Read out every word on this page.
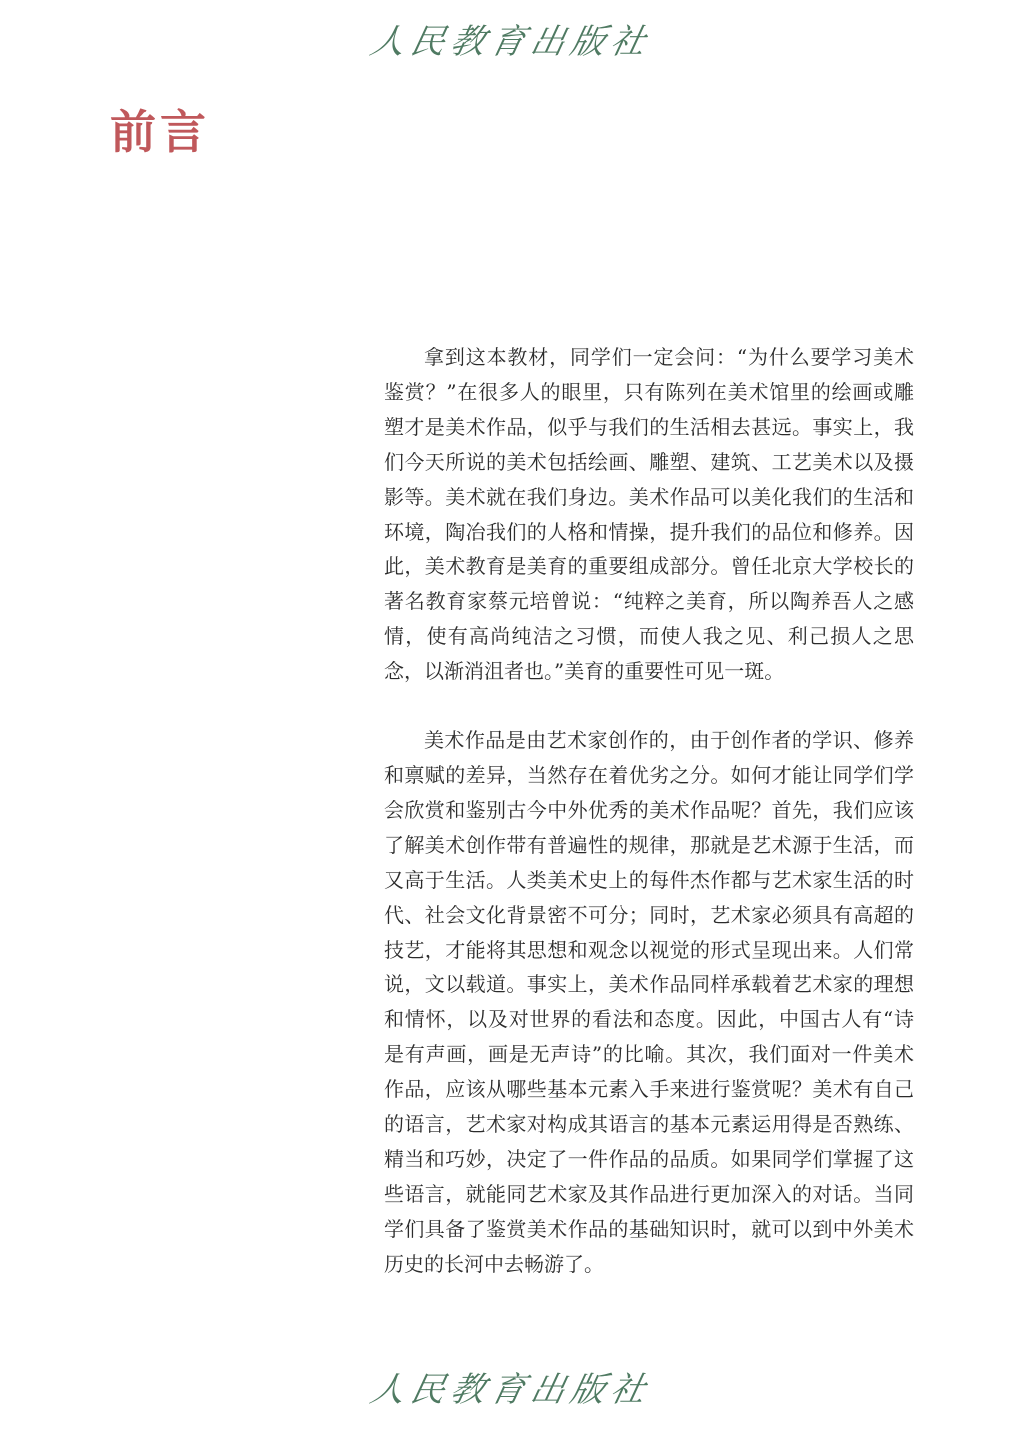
人民教育出版社
前言

拿到这本教材，同学们一定会问：“为什么要学习美术鉴赏？”在很多人的眼里，只有陈列在美术馆里的绘画或雕塑才是美术作品，似乎与我们的生活相去甚远。事实上，我们今天所说的美术包括绘画、雕塑、建筑、工艺美术以及摄影等。美术就在我们身边。美术作品可以美化我们的生活和环境，陶冶我们的人格和情操，提升我们的品位和修养。因此，美术教育是美育的重要组成部分。曾任北京大学校长的著名教育家蔡元培曾说：“纯粹之美育，所以陶养吾人之感情，使有高尚纯洁之习惯，而使人我之见、利己损人之思念，以渐消沮者也。”美育的重要性可见一斑。

美术作品是由艺术家创作的，由于创作者的学识、修养和禀赋的差异，当然存在着优劣之分。如何才能让同学们学会欣赏和鉴别古今中外优秀的美术作品呢？首先，我们应该了解美术创作带有普遍性的规律，那就是艺术源于生活，而又高于生活。人类美术史上的每件杰作都与艺术家生活的时代、社会文化背景密不可分；同时，艺术家必须具有高超的技艺，才能将其思想和观念以视觉的形式呈现出来。人们常说，文以载道。事实上，美术作品同样承载着艺术家的理想和情怀，以及对世界的看法和态度。因此，中国古人有“诗是有声画，画是无声诗”的比喻。其次，我们面对一件美术作品，应该从哪些基本元素入手来进行鉴赏呢？美术有自己的语言，艺术家对构成其语言的基本元素运用得是否熟练、精当和巧妙，决定了一件作品的品质。如果同学们掌握了这些语言，就能同艺术家及其作品进行更加深入的对话。当同学们具备了鉴赏美术作品的基础知识时，就可以到中外美术历史的长河中去畅游了。

人民教育出版社
